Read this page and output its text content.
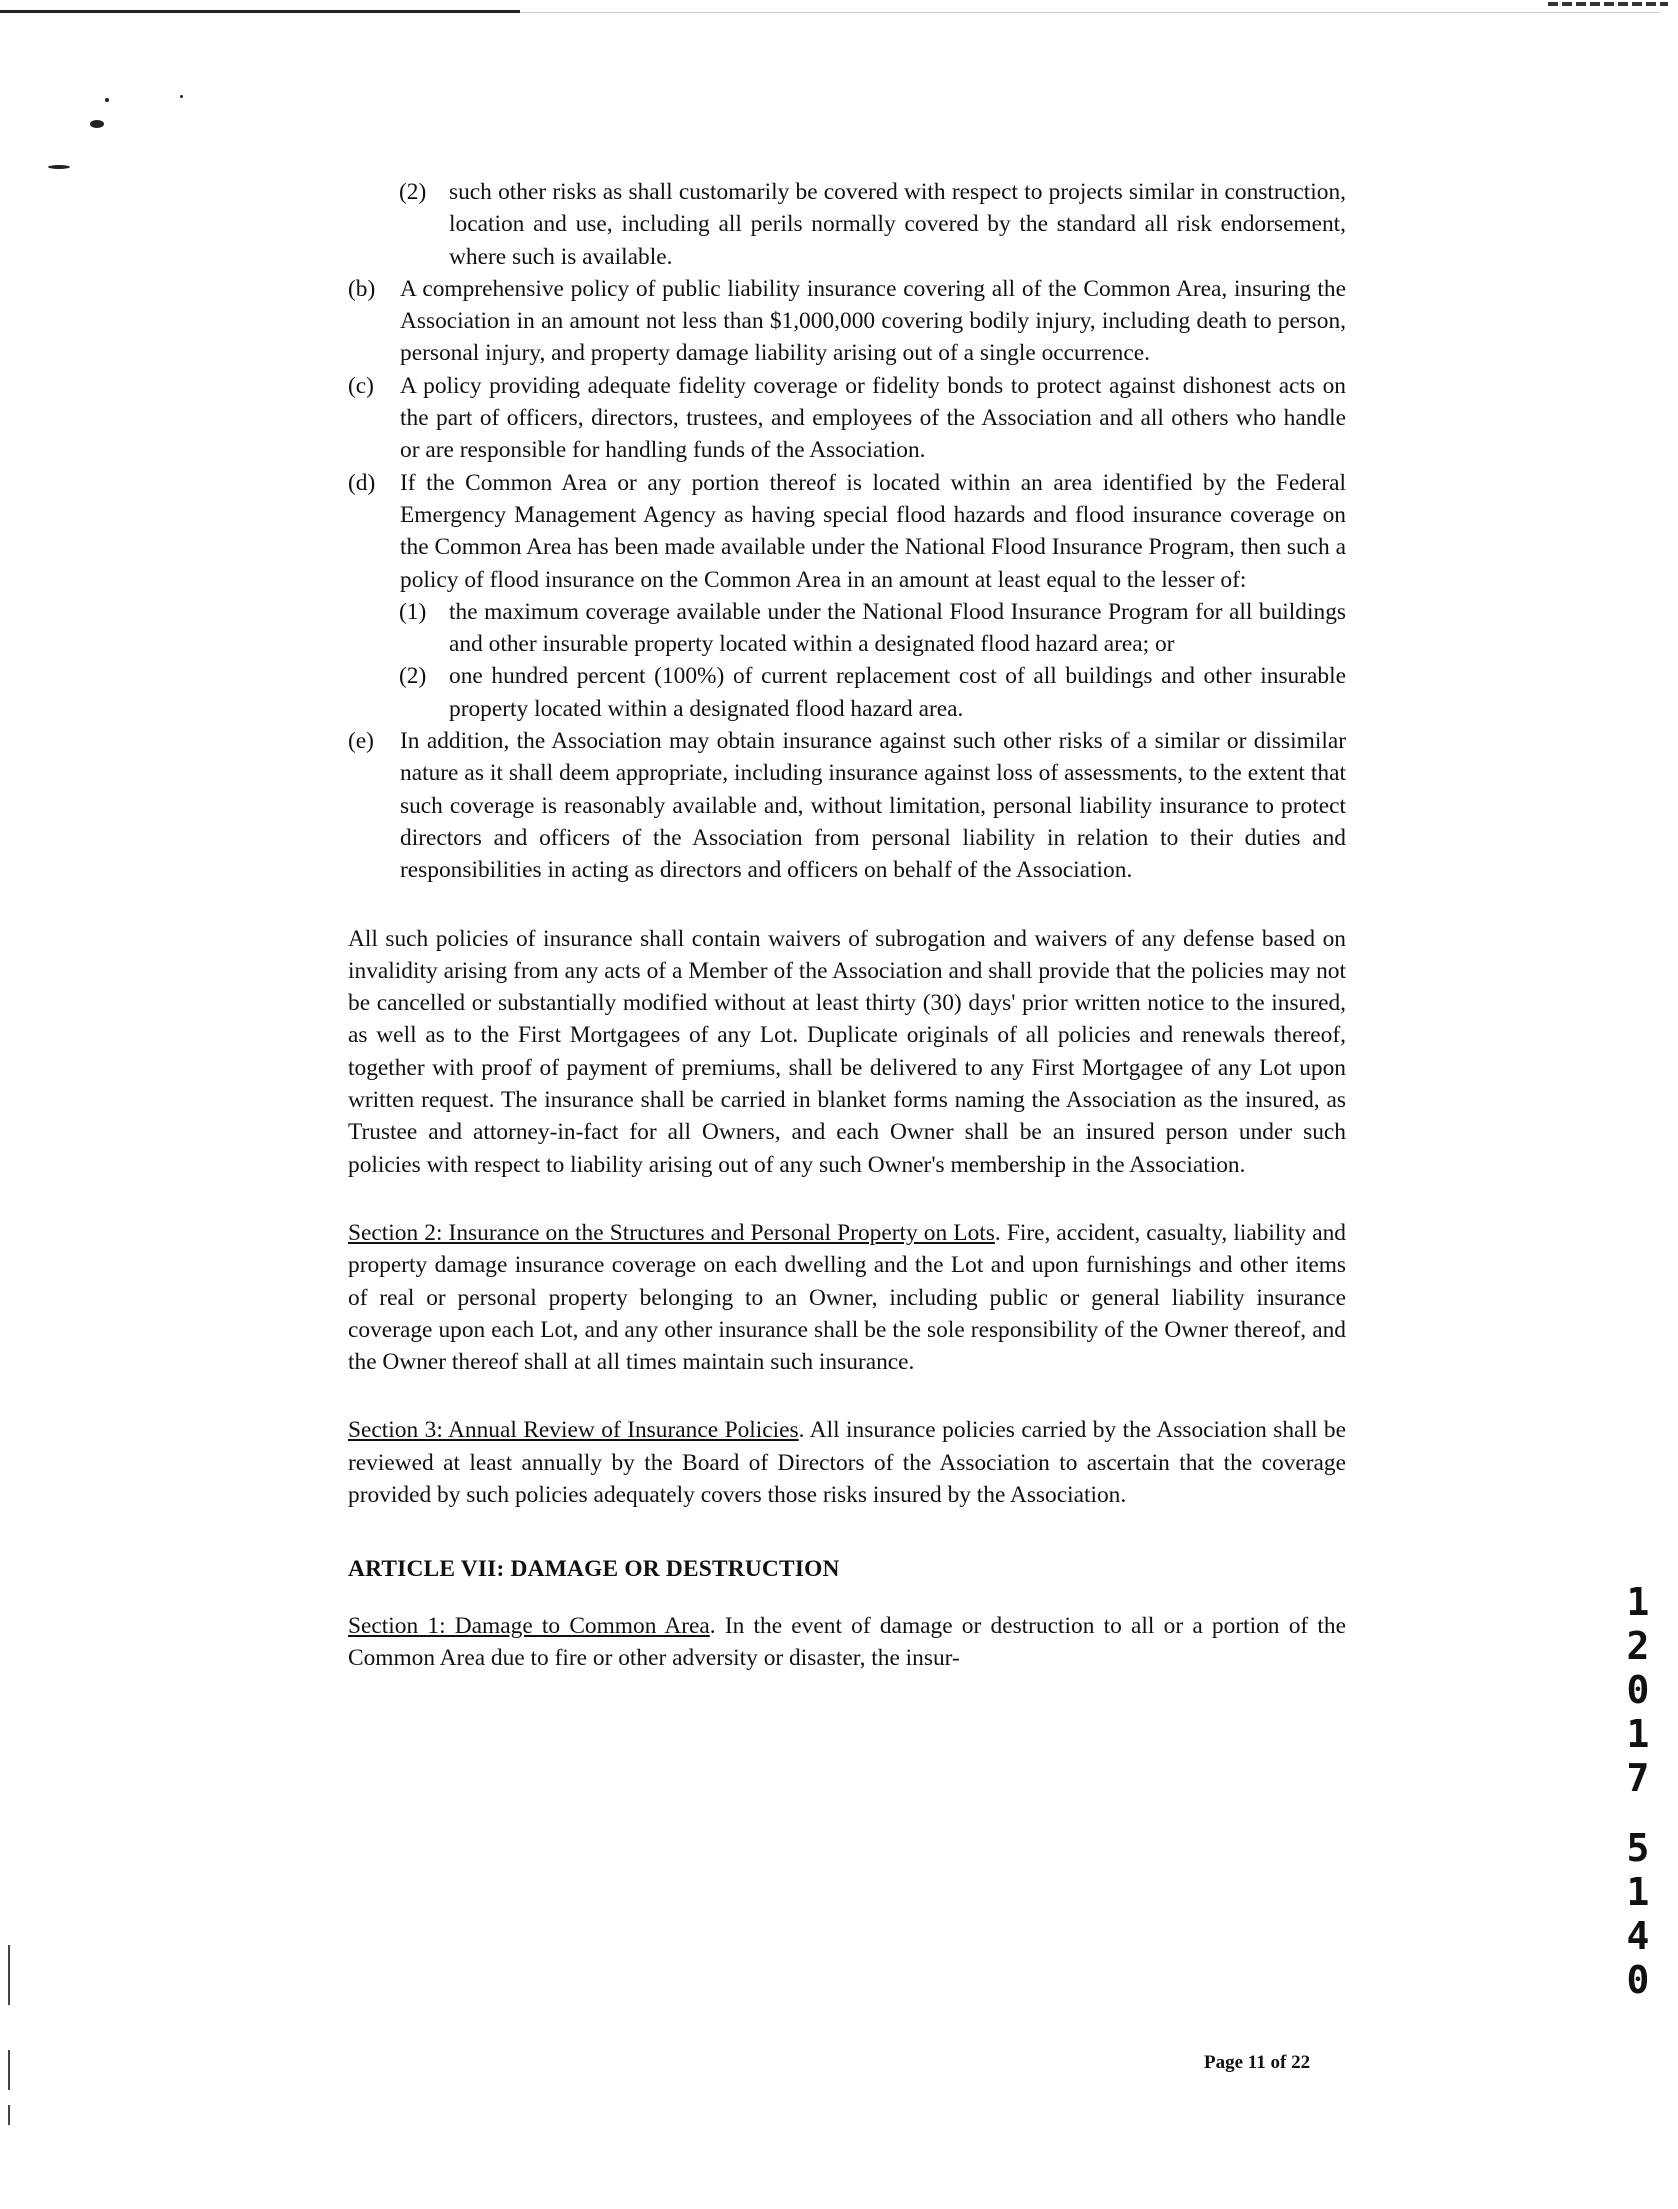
(2) such other risks as shall customarily be covered with respect to projects similar in construction, location and use, including all perils normally covered by the standard all risk endorsement, where such is available.
(b) A comprehensive policy of public liability insurance covering all of the Common Area, insuring the Association in an amount not less than $1,000,000 covering bodily injury, including death to person, personal injury, and property damage liability arising out of a single occurrence.
(c) A policy providing adequate fidelity coverage or fidelity bonds to protect against dishonest acts on the part of officers, directors, trustees, and employees of the Association and all others who handle or are responsible for handling funds of the Association.
(d) If the Common Area or any portion thereof is located within an area identified by the Federal Emergency Management Agency as having special flood hazards and flood insurance coverage on the Common Area has been made available under the National Flood Insurance Program, then such a policy of flood insurance on the Common Area in an amount at least equal to the lesser of:
(1) the maximum coverage available under the National Flood Insurance Program for all buildings and other insurable property located within a designated flood hazard area; or
(2) one hundred percent (100%) of current replacement cost of all buildings and other insurable property located within a designated flood hazard area.
(e) In addition, the Association may obtain insurance against such other risks of a similar or dissimilar nature as it shall deem appropriate, including insurance against loss of assessments, to the extent that such coverage is reasonably available and, without limitation, personal liability insurance to protect directors and officers of the Association from personal liability in relation to their duties and responsibilities in acting as directors and officers on behalf of the Association.

All such policies of insurance shall contain waivers of subrogation and waivers of any defense based on invalidity arising from any acts of a Member of the Association and shall provide that the policies may not be cancelled or substantially modified without at least thirty (30) days' prior written notice to the insured, as well as to the First Mortgagees of any Lot. Duplicate originals of all policies and renewals thereof, together with proof of payment of premiums, shall be delivered to any First Mortgagee of any Lot upon written request. The insurance shall be carried in blanket forms naming the Association as the insured, as Trustee and attorney-in-fact for all Owners, and each Owner shall be an insured person under such policies with respect to liability arising out of any such Owner's membership in the Association.

Section 2: Insurance on the Structures and Personal Property on Lots. Fire, accident, casualty, liability and property damage insurance coverage on each dwelling and the Lot and upon furnishings and other items of real or personal property belonging to an Owner, including public or general liability insurance coverage upon each Lot, and any other insurance shall be the sole responsibility of the Owner thereof, and the Owner thereof shall at all times maintain such insurance.

Section 3: Annual Review of Insurance Policies. All insurance policies carried by the Association shall be reviewed at least annually by the Board of Directors of the Association to ascertain that the coverage provided by such policies adequately covers those risks insured by the Association.

ARTICLE VII: DAMAGE OR DESTRUCTION

Section 1: Damage to Common Area. In the event of damage or destruction to all or a portion of the Common Area due to fire or other adversity or disaster, the insur-

Page 11 of 22
1
2
0
1
7
5
1
4
0
